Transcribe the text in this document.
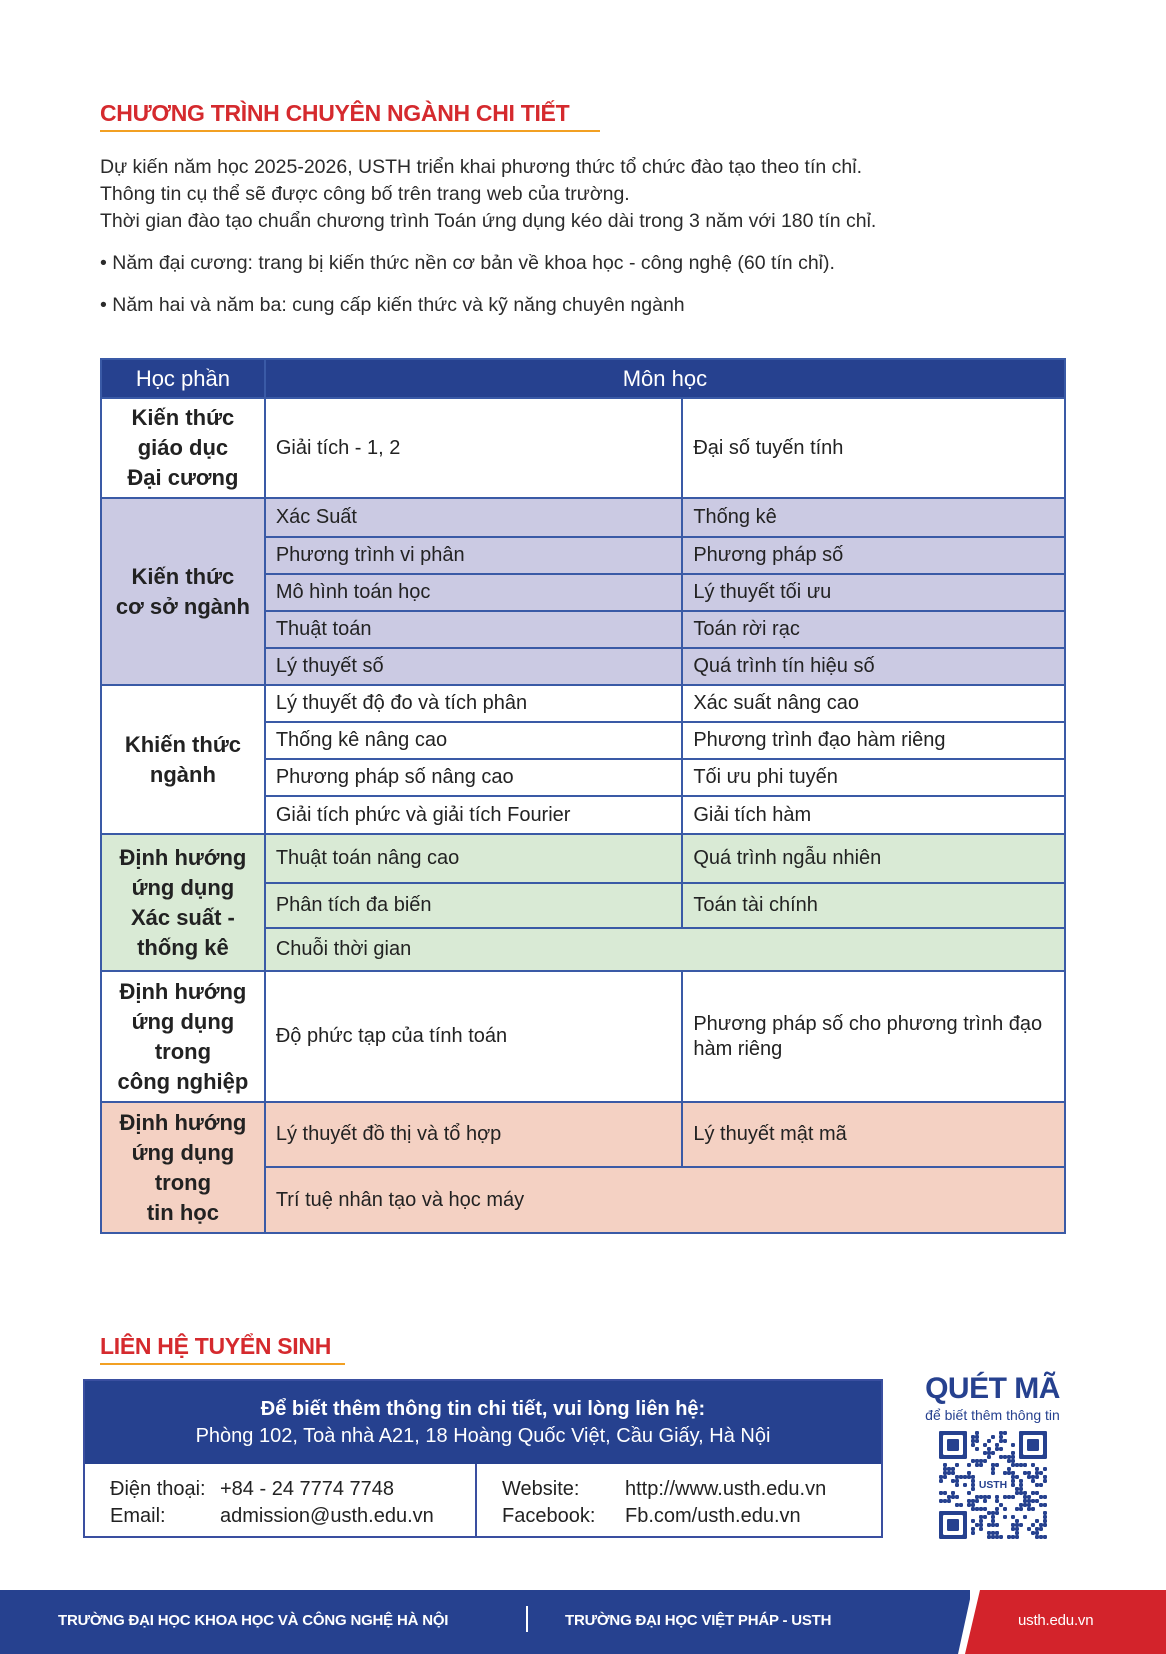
CHƯƠNG TRÌNH CHUYÊN NGÀNH CHI TIẾT

Dự kiến năm học 2025-2026, USTH triển khai phương thức tổ chức đào tạo theo tín chỉ.

Thông tin cụ thể sẽ được công bố trên trang web của trường.

Thời gian đào tạo chuẩn chương trình Toán ứng dụng kéo dài trong 3 năm với 180 tín chỉ.

• Năm đại cương: trang bị kiến thức nền cơ bản về khoa học - công nghệ (60 tín chỉ).

• Năm hai và năm ba: cung cấp kiến thức và kỹ năng chuyên ngành

Học phần	Môn học	

Kiến thức
giáo dục
Đại cương	Giải tích - 1, 2	Đại số tuyến tính

Kiến thức
cơ sở ngành	Xác Suất	Thống kê
	Phương trình vi phân	Phương pháp số
	Mô hình toán học	Lý thuyết tối ưu
	Thuật toán	Toán rời rạc
	Lý thuyết số	Quá trình tín hiệu số

Khiến thức
ngành	Lý thuyết độ đo và tích phân	Xác suất nâng cao
	Thống kê nâng cao	Phương trình đạo hàm riêng
	Phương pháp số nâng cao	Tối ưu phi tuyến
	Giải tích phức và giải tích Fourier	Giải tích hàm

Định hướng
ứng dụng
Xác suất -
thống kê	Thuật toán nâng cao	Quá trình ngẫu nhiên
	Phân tích đa biến	Toán tài chính
	Chuỗi thời gian	

Định hướng
ứng dụng
trong
công nghiệp	Độ phức tạp của tính toán	Phương pháp số cho phương trình đạo hàm riêng

Định hướng
ứng dụng
trong
tin học	Lý thuyết đồ thị và tổ hợp	Lý thuyết mật mã
	Trí tuệ nhân tạo và học máy	
LIÊN HỆ TUYỂN SINH
Để biết thêm thông tin chi tiết, vui lòng liên hệ:
Phòng 102, Toà nhà A21, 18 Hoàng Quốc Việt, Cầu Giấy, Hà Nội
Điện thoại: +84 - 24 7774 7748
Email:	admission@usth.edu.vn
Website:	http://www.usth.edu.vn
Facebook:	Fb.com/usth.edu.vn
QUÉT MÃ
để biết thêm thông tin
USTH
TRƯỜNG ĐẠI HỌC KHOA HỌC VÀ CÔNG NGHỆ HÀ NỘI	TRƯỜNG ĐẠI HỌC VIỆT PHÁP - USTH	usth.edu.vn
